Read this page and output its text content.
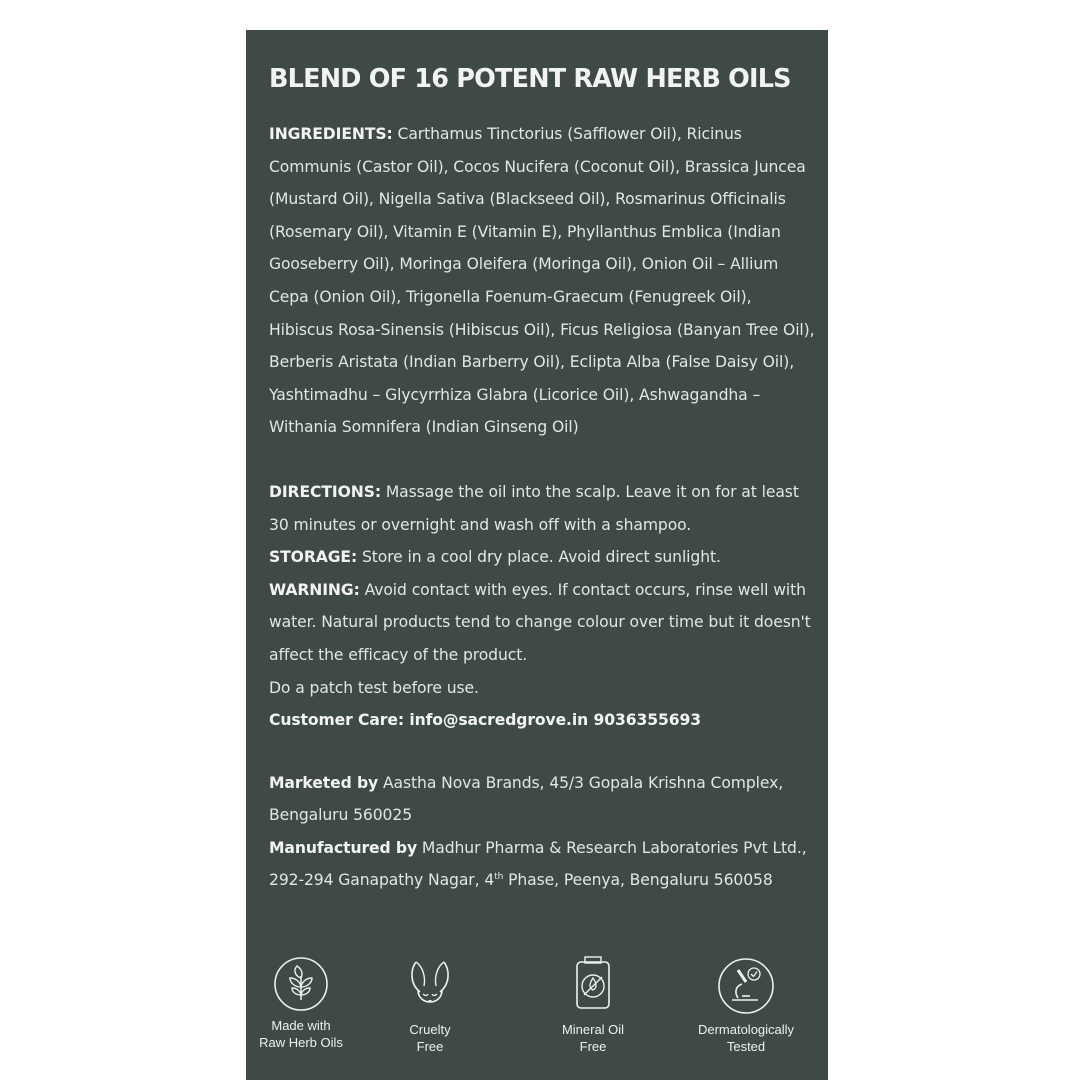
BLEND OF 16 POTENT RAW HERB OILS

INGREDIENTS: Carthamus Tinctorius (Safflower Oil), Ricinus Communis (Castor Oil), Cocos Nucifera (Coconut Oil), Brassica Juncea (Mustard Oil), Nigella Sativa (Blackseed Oil), Rosmarinus Officinalis (Rosemary Oil), Vitamin E (Vitamin E), Phyllanthus Emblica (Indian Gooseberry Oil), Moringa Oleifera (Moringa Oil), Onion Oil – Allium Cepa (Onion Oil), Trigonella Foenum-Graecum (Fenugreek Oil), Hibiscus Rosa-Sinensis (Hibiscus Oil), Ficus Religiosa (Banyan Tree Oil), Berberis Aristata (Indian Barberry Oil), Eclipta Alba (False Daisy Oil), Yashtimadhu – Glycyrrhiza Glabra (Licorice Oil), Ashwagandha – Withania Somnifera (Indian Ginseng Oil)

DIRECTIONS: Massage the oil into the scalp. Leave it on for at least 30 minutes or overnight and wash off with a shampoo.

STORAGE: Store in a cool dry place. Avoid direct sunlight.

WARNING: Avoid contact with eyes. If contact occurs, rinse well with water. Natural products tend to change colour over time but it doesn't affect the efficacy of the product.

Do a patch test before use.

Customer Care: info@sacredgrove.in 9036355693

Marketed by Aastha Nova Brands, 45/3 Gopala Krishna Complex, Bengaluru 560025

Manufactured by Madhur Pharma & Research Laboratories Pvt Ltd., 292-294 Ganapathy Nagar, 4th Phase, Peenya, Bengaluru 560058

Made with
Raw Herb Oils
Cruelty
Free
Mineral Oil
Free
Dermatologically
Tested
